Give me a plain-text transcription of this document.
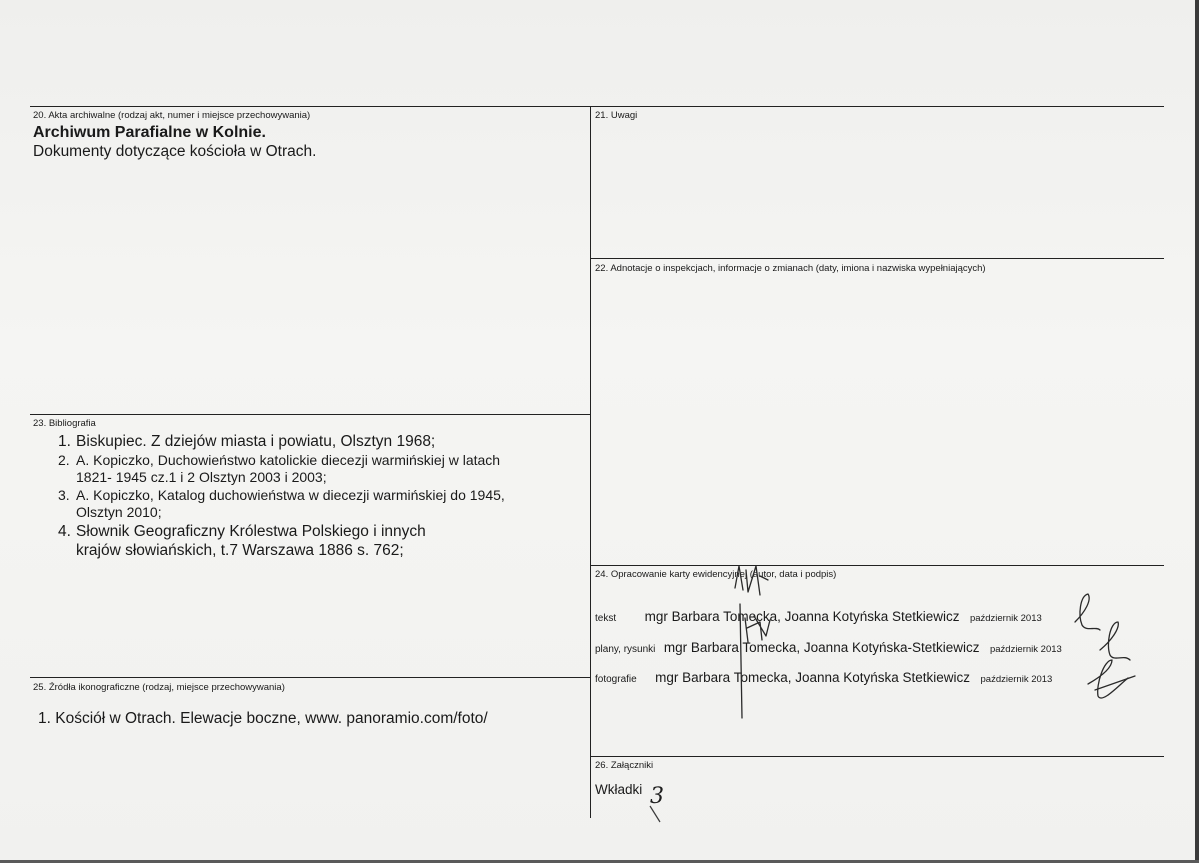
20. Akta archiwalne (rodzaj akt, numer i miejsce przechowywania)
Archiwum Parafialne w Kolnie.
Dokumenty dotyczące kościoła w Otrach.
21. Uwagi
22. Adnotacje o inspekcjach, informacje o zmianach (daty, imiona i nazwiska wypełniających)
23. Bibliografia
1. Biskupiec. Z dziejów miasta i powiatu, Olsztyn 1968;
2. A. Kopiczko, Duchowieństwo katolickie diecezji warmińskiej w latach
1821- 1945 cz.1 i 2 Olsztyn 2003 i 2003;
3. A. Kopiczko, Katalog duchowieństwa w diecezji warmińskiej do 1945,
Olsztyn 2010;
4. Słownik Geograficzny Królestwa Polskiego i innych
krajów słowiańskich, t.7 Warszawa 1886 s. 762;
24. Opracowanie karty ewidencyjnej (autor, data i podpis)
tekst mgr Barbara Tomecka, Joanna Kotyńska Stetkiewicz październik 2013
plany, rysunki mgr Barbara Tomecka, Joanna Kotyńska-Stetkiewicz październik 2013
fotografie mgr Barbara Tomecka, Joanna Kotyńska Stetkiewicz październik 2013
25. Źródła ikonograficzne (rodzaj, miejsce przechowywania)
1. Kościół w Otrach. Elewacje boczne, www. panoramio.com/foto/
26. Załączniki
Wkładki 3
